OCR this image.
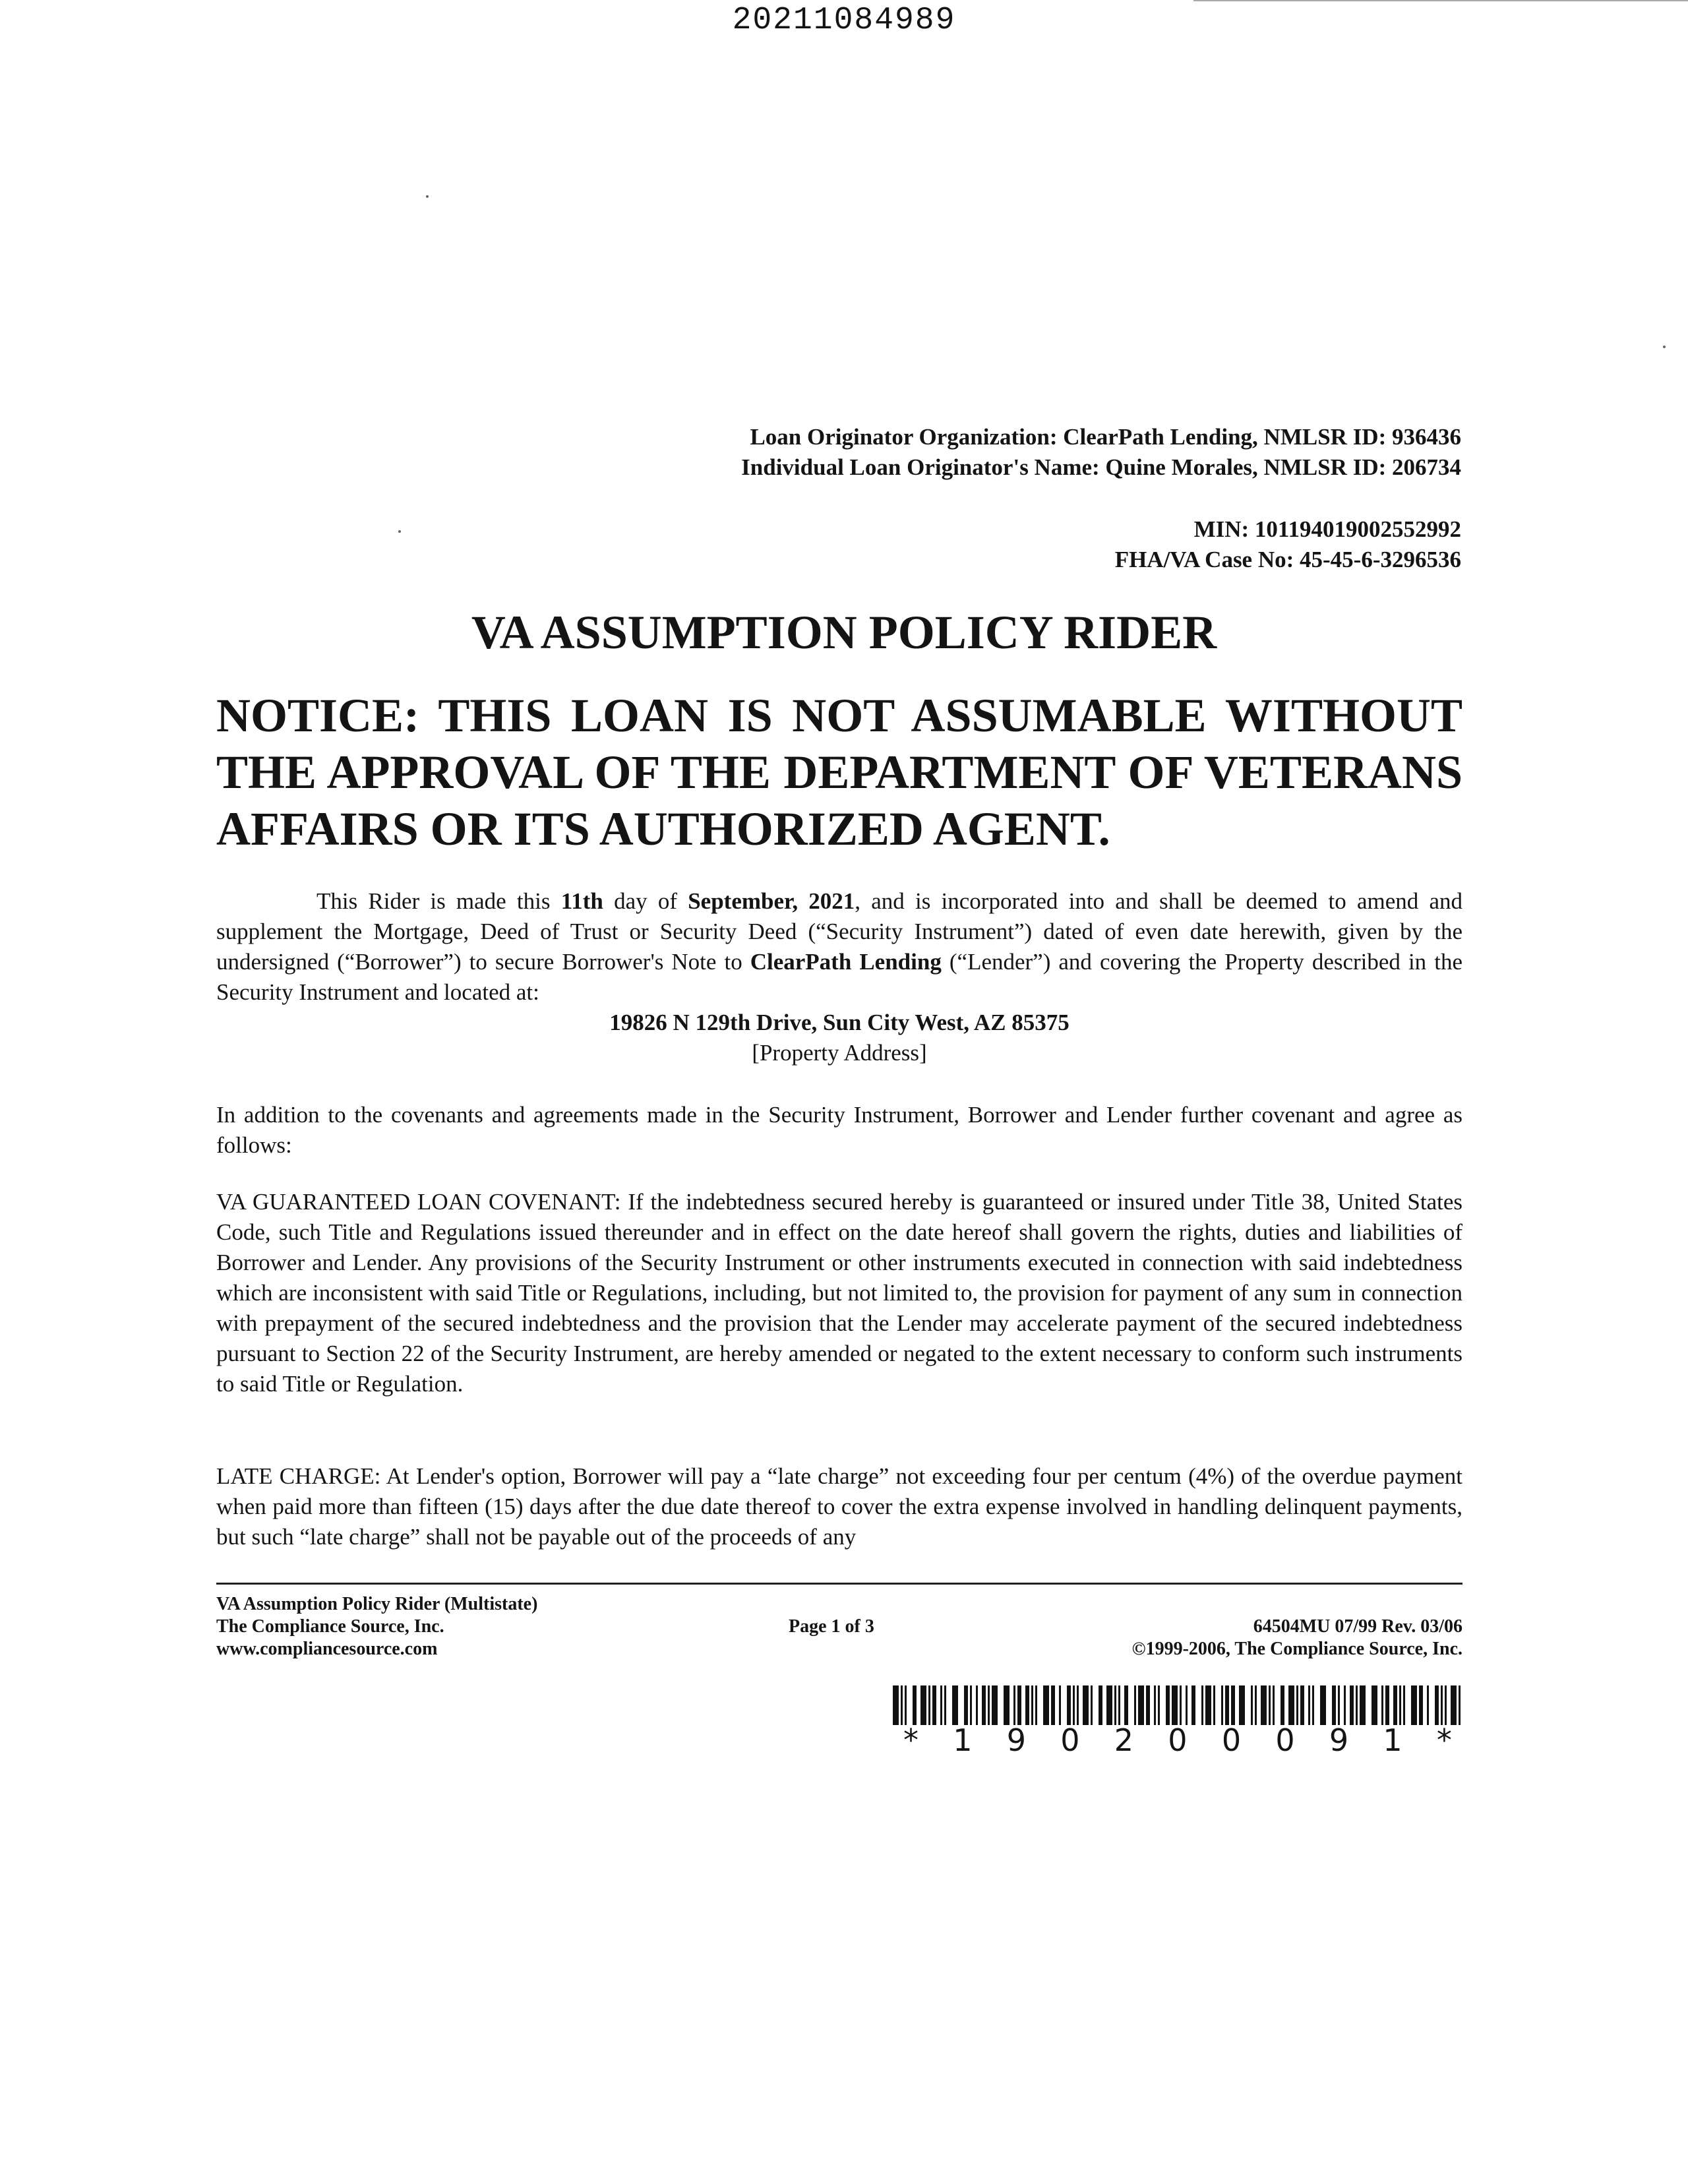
20211084989
Loan Originator Organization: ClearPath Lending, NMLSR ID: 936436
Individual Loan Originator's Name: Quine Morales, NMLSR ID: 206734
MIN: 101194019002552992
FHA/VA Case No: 45-45-6-3296536
VA ASSUMPTION POLICY RIDER
NOTICE: THIS LOAN IS NOT ASSUMABLE WITHOUT THE APPROVAL OF THE DEPARTMENT OF VETERANS AFFAIRS OR ITS AUTHORIZED AGENT.

This Rider is made this 11th day of September, 2021, and is incorporated into and shall be deemed to amend and supplement the Mortgage, Deed of Trust or Security Deed (“Security Instrument”) dated of even date herewith, given by the undersigned (“Borrower”) to secure Borrower's Note to ClearPath Lending (“Lender”) and covering the Property described in the Security Instrument and located at:

19826 N 129th Drive, Sun City West, AZ 85375

[Property Address]

In addition to the covenants and agreements made in the Security Instrument, Borrower and Lender further covenant and agree as follows:
VA GUARANTEED LOAN COVENANT: If the indebtedness secured hereby is guaranteed or insured under Title 38, United States Code, such Title and Regulations issued thereunder and in effect on the date hereof shall govern the rights, duties and liabilities of Borrower and Lender. Any provisions of the Security Instrument or other instruments executed in connection with said indebtedness which are inconsistent with said Title or Regulations, including, but not limited to, the provision for payment of any sum in connection with prepayment of the secured indebtedness and the provision that the Lender may accelerate payment of the secured indebtedness pursuant to Section 22 of the Security Instrument, are hereby amended or negated to the extent necessary to conform such instruments to said Title or Regulation.
LATE CHARGE: At Lender's option, Borrower will pay a “late charge” not exceeding four per centum (4%) of the overdue payment when paid more than fifteen (15) days after the due date thereof to cover the extra expense involved in handling delinquent payments, but such “late charge” shall not be payable out of the proceeds of any
VA Assumption Policy Rider (Multistate)
The Compliance Source, Inc.
www.compliancesource.com
Page 1 of 3	64504MU 07/99 Rev. 03/06
©1999-2006, The Compliance Source, Inc.
* 1 9 0 2 0 0 0 9 1 *
